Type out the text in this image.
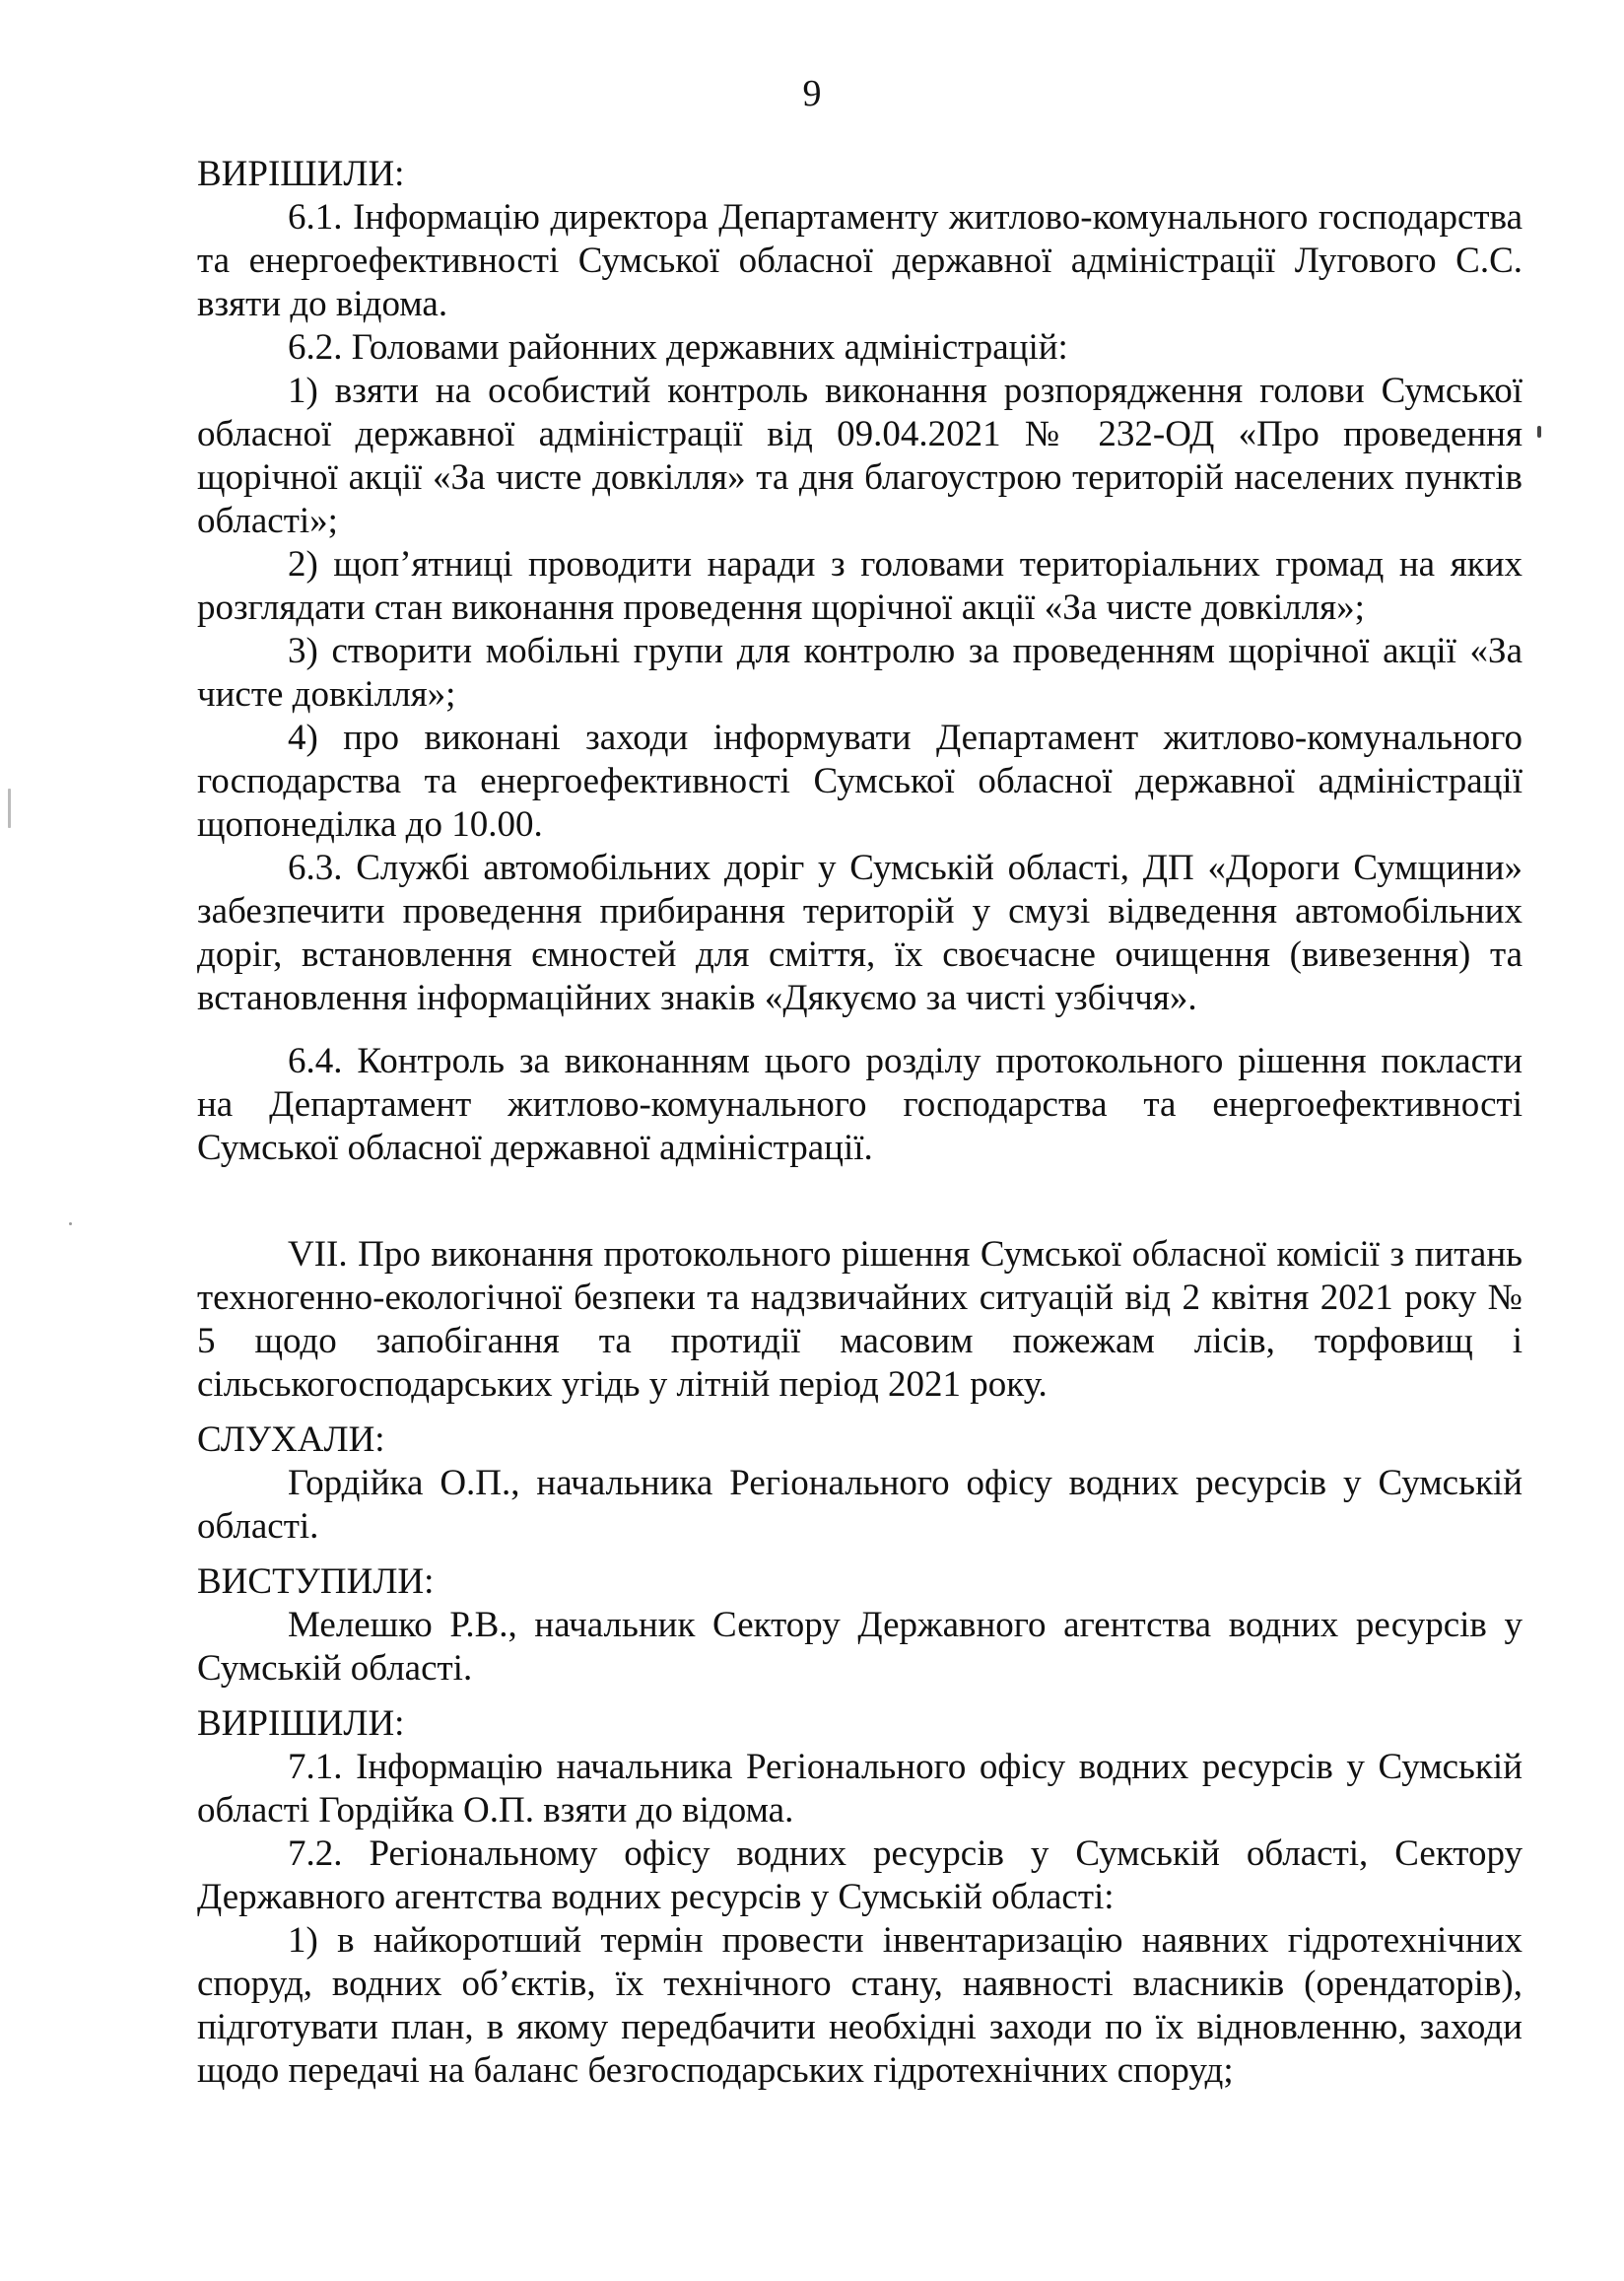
9

ВИРІШИЛИ:

6.1. Інформацію директора Департаменту житлово-комунального господарства та енергоефективності Сумської обласної державної адміністрації Лугового С.С. взяти до відома.

6.2. Головами районних державних адміністрацій:

1) взяти на особистий контроль виконання розпорядження голови Сумської обласної державної адміністрації від 09.04.2021 № 232-ОД «Про проведення щорічної акції «За чисте довкілля» та дня благоустрою територій населених пунктів області»;

2) щоп’ятниці проводити наради з головами територіальних громад на яких розглядати стан виконання проведення щорічної акції «За чисте довкілля»;

3) створити мобільні групи для контролю за проведенням щорічної акції «За чисте довкілля»;

4) про виконані заходи інформувати Департамент житлово-комунального господарства та енергоефективності Сумської обласної державної адміністрації щопонеділка до 10.00.

6.3. Службі автомобільних доріг у Сумській області, ДП «Дороги Сумщини» забезпечити проведення прибирання територій у смузі відведення автомобільних доріг, встановлення ємностей для сміття, їх своєчасне очищення (вивезення) та встановлення інформаційних знаків «Дякуємо за чисті узбіччя».

6.4. Контроль за виконанням цього розділу протокольного рішення покласти на Департамент житлово-комунального господарства та енергоефективності Сумської обласної державної адміністрації.

VII. Про виконання протокольного рішення Сумської обласної комісії з питань техногенно-екологічної безпеки та надзвичайних ситуацій від 2 квітня 2021 року № 5 щодо запобігання та протидії масовим пожежам лісів, торфовищ і сільськогосподарських угідь у літній період 2021 року.

СЛУХАЛИ:

Гордійка О.П., начальника Регіонального офісу водних ресурсів у Сумській області.

ВИСТУПИЛИ:

Мелешко Р.В., начальник Сектору Державного агентства водних ресурсів у Сумській області.

ВИРІШИЛИ:

7.1. Інформацію начальника Регіонального офісу водних ресурсів у Сумській області Гордійка О.П. взяти до відома.

7.2. Регіональному офісу водних ресурсів у Сумській області, Сектору Державного агентства водних ресурсів у Сумській області:

1) в найкоротший термін провести інвентаризацію наявних гідротехнічних споруд, водних об’єктів, їх технічного стану, наявності власників (орендаторів), підготувати план, в якому передбачити необхідні заходи по їх відновленню, заходи щодо передачі на баланс безгосподарських гідротехнічних споруд;
